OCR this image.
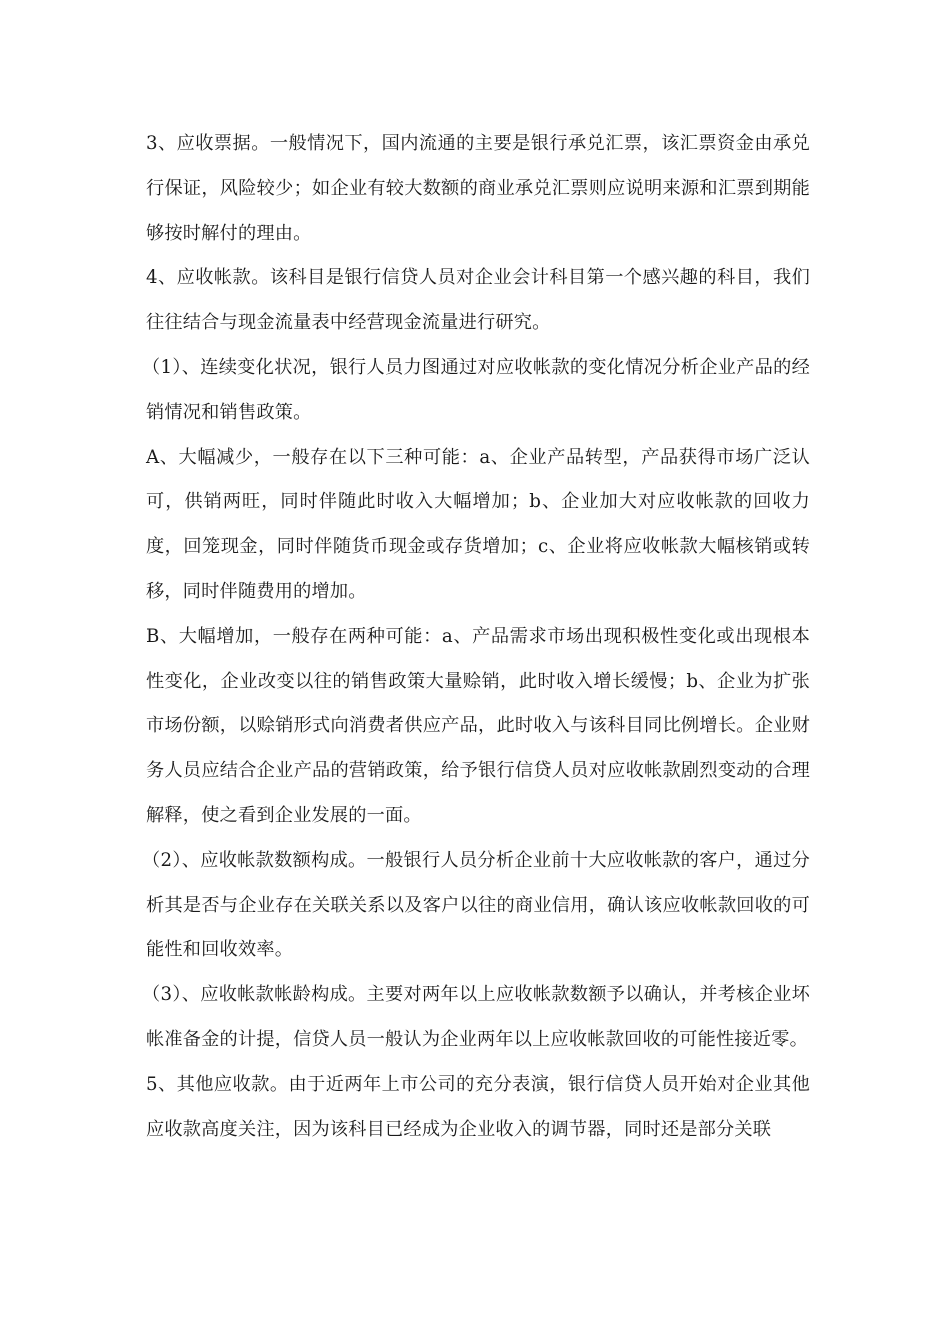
3、应收票据。一般情况下，国内流通的主要是银行承兑汇票，该汇票资金由承兑行保证，风险较少；如企业有较大数额的商业承兑汇票则应说明来源和汇票到期能够按时解付的理由。

4、应收帐款。该科目是银行信贷人员对企业会计科目第一个感兴趣的科目，我们往往结合与现金流量表中经营现金流量进行研究。

（1）、连续变化状况，银行人员力图通过对应收帐款的变化情况分析企业产品的经销情况和销售政策。

A、大幅减少，一般存在以下三种可能：a、企业产品转型，产品获得市场广泛认可，供销两旺，同时伴随此时收入大幅增加；b、企业加大对应收帐款的回收力度，回笼现金，同时伴随货币现金或存货增加；c、企业将应收帐款大幅核销或转移，同时伴随费用的增加。

B、大幅增加，一般存在两种可能：a、产品需求市场出现积极性变化或出现根本性变化，企业改变以往的销售政策大量赊销，此时收入增长缓慢；b、企业为扩张市场份额，以赊销形式向消费者供应产品，此时收入与该科目同比例增长。企业财务人员应结合企业产品的营销政策，给予银行信贷人员对应收帐款剧烈变动的合理解释，使之看到企业发展的一面。

（2）、应收帐款数额构成。一般银行人员分析企业前十大应收帐款的客户，通过分析其是否与企业存在关联关系以及客户以往的商业信用，确认该应收帐款回收的可能性和回收效率。

（3）、应收帐款帐龄构成。主要对两年以上应收帐款数额予以确认，并考核企业坏帐准备金的计提，信贷人员一般认为企业两年以上应收帐款回收的可能性接近零。

5、其他应收款。由于近两年上市公司的充分表演，银行信贷人员开始对企业其他应收款高度关注，因为该科目已经成为企业收入的调节器，同时还是部分关联
